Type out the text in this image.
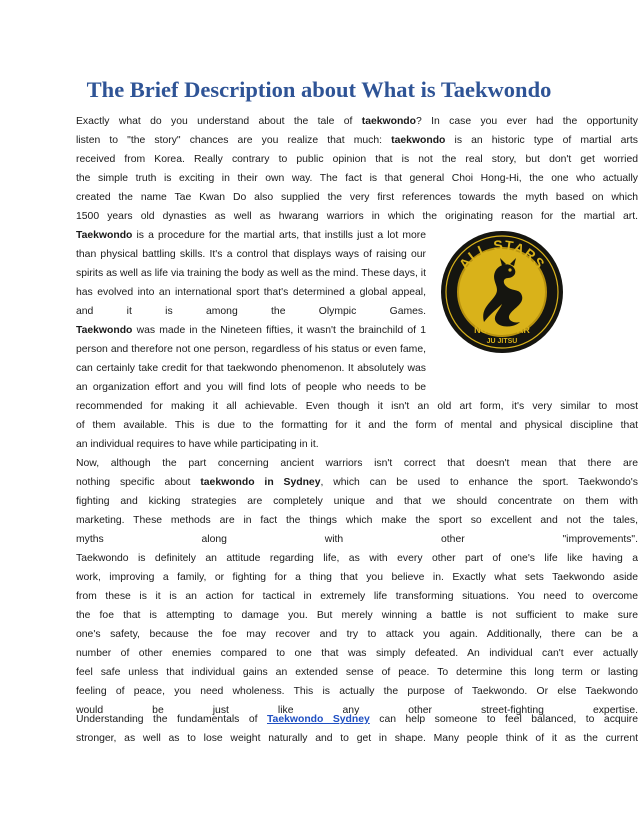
The Brief Description about What is Taekwondo
Exactly what do you understand about the tale of taekwondo? In case you ever had the opportunity
listen to "the story" chances are you realize that much: taekwondo is an historic type of martial arts
received from Korea. Really contrary to public opinion that is not the real story, but don't get worried
the simple truth is exciting in their own way. The fact is that general Choi Hong-Hi, the one who actually
created the name Tae Kwan Do also supplied the very first references towards the myth based on which
1500 years old dynasties as well as hwarang warriors in which the originating reason for the martial art.
Taekwondo is a procedure for the martial arts, that instills just a lot more
than physical battling skills. It's a control that displays ways of raising our
spirits as well as life via training the body as well as the mind. These days, it
has evolved into an international sport that's determined a global appeal,
and it is among the Olympic Games.
Taekwondo was made in the Nineteen fifties, it wasn't the brainchild of 1
person and therefore not one person, regardless of his status or even fame,
can certainly take credit for that taekwondo phenomenon. It absolutely was
an organization effort and you will find lots of people who needs to be
recommended for making it all achievable. Even though it isn't an old art form, it's very similar to most
of them available. This is due to the formatting for it and the form of mental and physical discipline that
an individual requires to have while participating in it.
Now, although the part concerning ancient warriors isn't correct that doesn't mean that there are
nothing specific about taekwondo in Sydney, which can be used to enhance the sport. Taekwondo's
fighting and kicking strategies are completely unique and that we should concentrate on them with
marketing. These methods are in fact the things which make the sport so excellent and not the tales,
myths along with other "improvements".
Taekwondo is definitely an attitude regarding life, as with every other part of one's life like having a
work, improving a family, or fighting for a thing that you believe in. Exactly what sets Taekwondo aside
from these is it is an action for tactical in extremely life transforming situations. You need to overcome
the foe that is attempting to damage you. But merely winning a battle is not sufficient to make sure
one's safety, because the foe may recover and try to attack you again. Additionally, there can be a
number of other enemies compared to one that was simply defeated. An individual can't ever actually
feel safe unless that individual gains an extended sense of peace. To determine this long term or lasting
feeling of peace, you need wholeness. This is actually the purpose of Taekwondo. Or else Taekwondo
would be just like any other street-fighting expertise.
Understanding the fundamentals of Taekwondo Sydney can help someone to feel balanced, to acquire
stronger, as well as to lose weight naturally and to get in shape. Many people think of it as the current
ALL STARS
NORTHSTAR
JU JITSU
